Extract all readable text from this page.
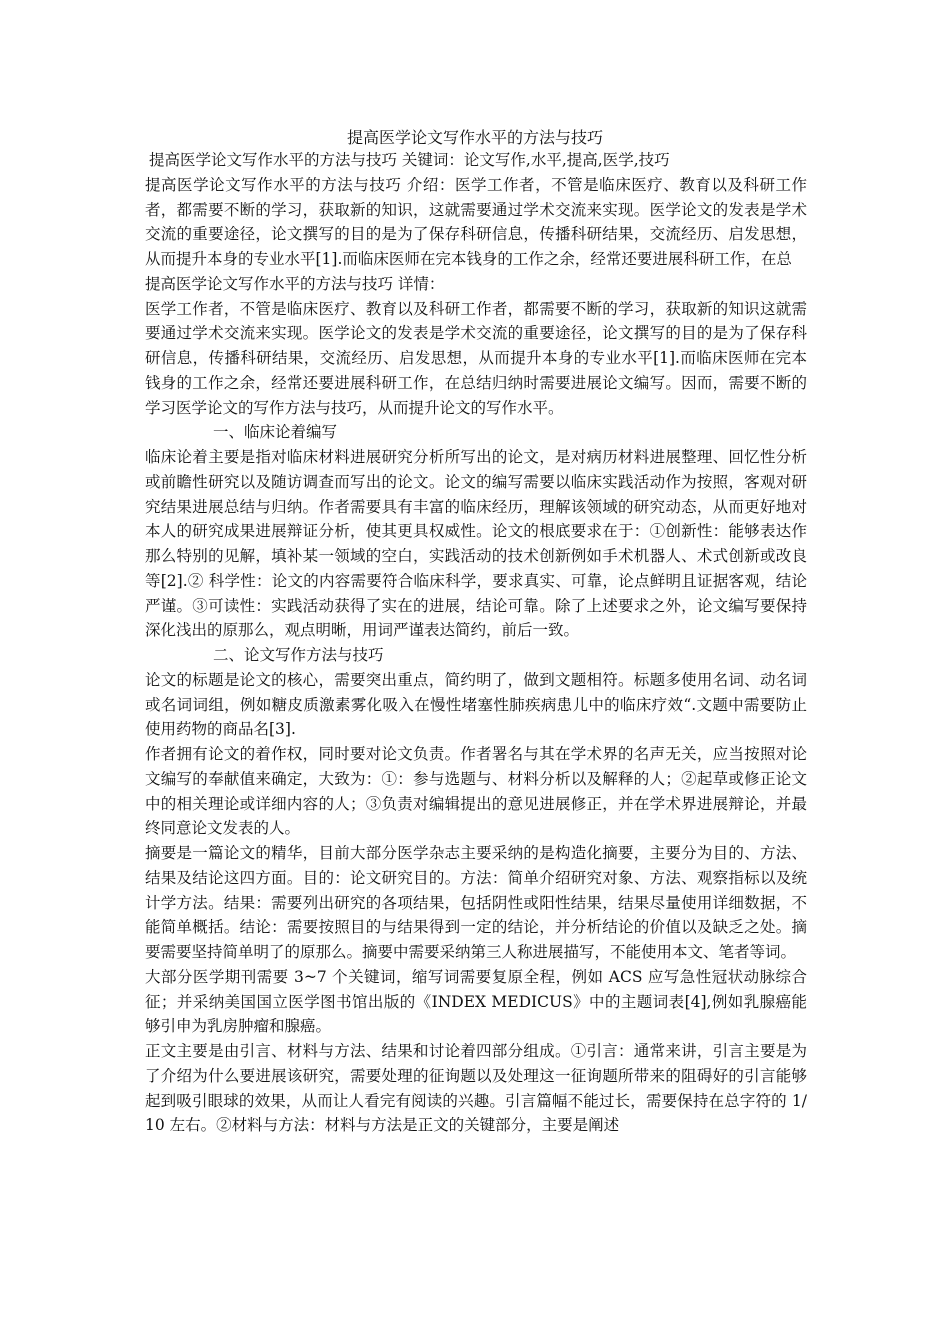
提高医学论文写作水平的方法与技巧

提高医学论文写作水平的方法与技巧 关键词：论文写作,水平,提高,医学,技巧

提高医学论文写作水平的方法与技巧 介绍：医学工作者，不管是临床医疗、教育以及科研工作者，都需要不断的学习，获取新的知识，这就需要通过学术交流来实现。医学论文的发表是学术交流的重要途径，论文撰写的目的是为了保存科研信息，传播科研结果，交流经历、启发思想，从而提升本身的专业水平[1].而临床医师在完本钱身的工作之余，经常还要进展科研工作，在总

提高医学论文写作水平的方法与技巧 详情：

医学工作者，不管是临床医疗、教育以及科研工作者，都需要不断的学习，获取新的知识这就需要通过学术交流来实现。医学论文的发表是学术交流的重要途径，论文撰写的目的是为了保存科研信息，传播科研结果，交流经历、启发思想，从而提升本身的专业水平[1].而临床医师在完本钱身的工作之余，经常还要进展科研工作，在总结归纳时需要进展论文编写。因而，需要不断的学习医学论文的写作方法与技巧，从而提升论文的写作水平。

一、临床论着编写

临床论着主要是指对临床材料进展研究分析所写出的论文，是对病历材料进展整理、回忆性分析或前瞻性研究以及随访调查而写出的论文。论文的编写需要以临床实践活动作为按照，客观对研究结果进展总结与归纳。作者需要具有丰富的临床经历，理解该领域的研究动态，从而更好地对本人的研究成果进展辩证分析，使其更具权威性。论文的根底要求在于：①创新性：能够表达作那么特别的见解，填补某一领域的空白，实践活动的技术创新例如手术机器人、术式创新或改良等[2].② 科学性：论文的内容需要符合临床科学，要求真实、可靠，论点鲜明且证据客观，结论严谨。③可读性：实践活动获得了实在的进展，结论可靠。除了上述要求之外，论文编写要保持深化浅出的原那么，观点明晰，用词严谨表达简约，前后一致。

二、论文写作方法与技巧

论文的标题是论文的核心，需要突出重点，简约明了，做到文题相符。标题多使用名词、动名词或名词词组，例如糖皮质激素雾化吸入在慢性堵塞性肺疾病患儿中的临床疗效“.文题中需要防止使用药物的商品名[3].

作者拥有论文的着作权，同时要对论文负责。作者署名与其在学术界的名声无关，应当按照对论文编写的奉献值来确定，大致为：①：参与选题与、材料分析以及解释的人；②起草或修正论文中的相关理论或详细内容的人；③负责对编辑提出的意见进展修正，并在学术界进展辩论，并最终同意论文发表的人。

摘要是一篇论文的精华，目前大部分医学杂志主要采纳的是构造化摘要，主要分为目的、方法、结果及结论这四方面。目的：论文研究目的。方法：简单介绍研究对象、方法、观察指标以及统计学方法。结果：需要列出研究的各项结果，包括阴性或阳性结果，结果尽量使用详细数据，不能简单概括。结论：需要按照目的与结果得到一定的结论，并分析结论的价值以及缺乏之处。摘要需要坚持简单明了的原那么。摘要中需要采纳第三人称进展描写，不能使用本文、笔者等词。

大部分医学期刊需要 3~7 个关键词，缩写词需要复原全程，例如 ACS 应写急性冠状动脉综合征；并采纳美国国立医学图书馆出版的《INDEX MEDICUS》中的主题词表[4],例如乳腺癌能够引申为乳房肿瘤和腺癌。

正文主要是由引言、材料与方法、结果和讨论着四部分组成。①引言：通常来讲，引言主要是为了介绍为什么要进展该研究，需要处理的征询题以及处理这一征询题所带来的阻碍好的引言能够起到吸引眼球的效果，从而让人看完有阅读的兴趣。引言篇幅不能过长，需要保持在总字符的 1/10 左右。②材料与方法：材料与方法是正文的关键部分，主要是阐述
